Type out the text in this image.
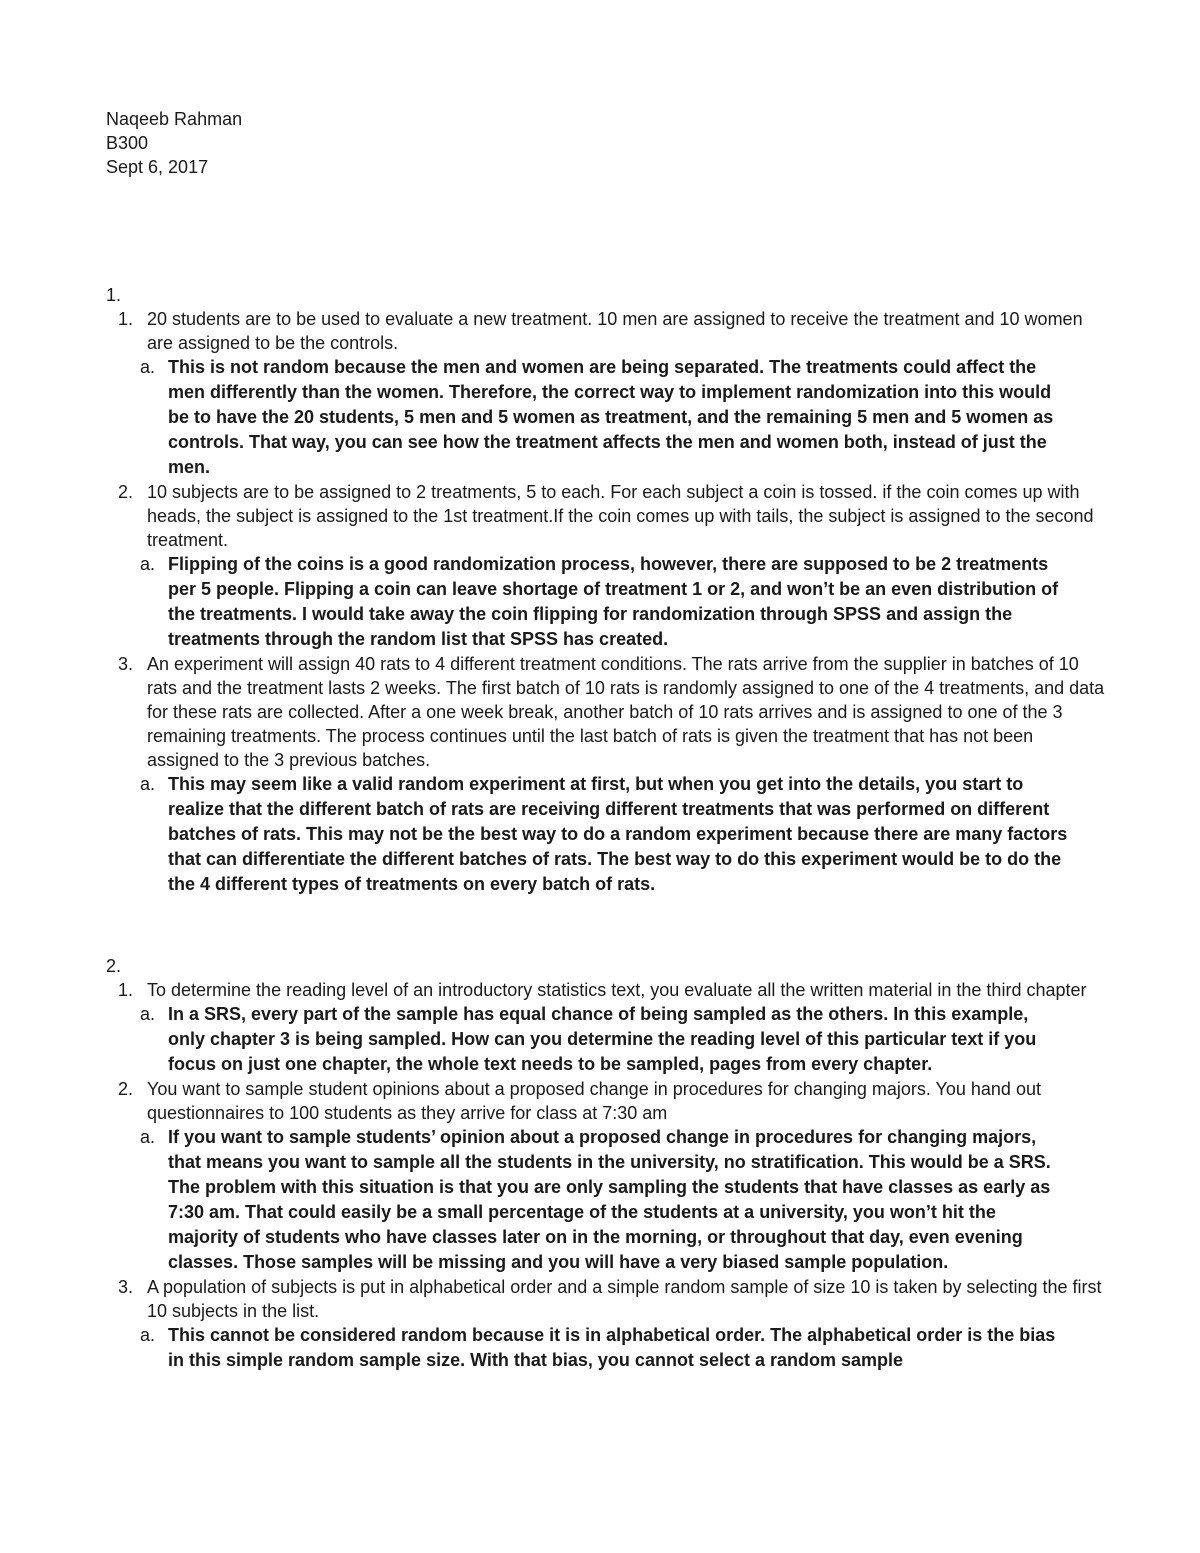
Naqeeb Rahman
B300
Sept 6, 2017
1.
1. 20 students are to be used to evaluate a new treatment. 10 men are assigned to receive the treatment and 10 women are assigned to be the controls.
a. This is not random because the men and women are being separated. The treatments could affect the men differently than the women. Therefore, the correct way to implement randomization into this would be to have the 20 students, 5 men and 5 women as treatment, and the remaining 5 men and 5 women as controls. That way, you can see how the treatment affects the men and women both, instead of just the men.
2. 10 subjects are to be assigned to 2 treatments, 5 to each. For each subject a coin is tossed. if the coin comes up with heads, the subject is assigned to the 1st treatment.If the coin comes up with tails, the subject is assigned to the second treatment.
a. Flipping of the coins is a good randomization process, however, there are supposed to be 2 treatments per 5 people. Flipping a coin can leave shortage of treatment 1 or 2, and won’t be an even distribution of the treatments. I would take away the coin flipping for randomization through SPSS and assign the treatments through the random list that SPSS has created.
3. An experiment will assign 40 rats to 4 different treatment conditions. The rats arrive from the supplier in batches of 10 rats and the treatment lasts 2 weeks. The first batch of 10 rats is randomly assigned to one of the 4 treatments, and data for these rats are collected. After a one week break, another batch of 10 rats arrives and is assigned to one of the 3 remaining treatments. The process continues until the last batch of rats is given the treatment that has not been assigned to the 3 previous batches.
a. This may seem like a valid random experiment at first, but when you get into the details, you start to realize that the different batch of rats are receiving different treatments that was performed on different batches of rats. This may not be the best way to do a random experiment because there are many factors that can differentiate the different batches of rats. The best way to do this experiment would be to do the the 4 different types of treatments on every batch of rats.
2.
1. To determine the reading level of an introductory statistics text, you evaluate all the written material in the third chapter
a. In a SRS, every part of the sample has equal chance of being sampled as the others. In this example, only chapter 3 is being sampled. How can you determine the reading level of this particular text if you focus on just one chapter, the whole text needs to be sampled, pages from every chapter.
2. You want to sample student opinions about a proposed change in procedures for changing majors. You hand out questionnaires to 100 students as they arrive for class at 7:30 am
a. If you want to sample students’ opinion about a proposed change in procedures for changing majors, that means you want to sample all the students in the university, no stratification. This would be a SRS. The problem with this situation is that you are only sampling the students that have classes as early as 7:30 am. That could easily be a small percentage of the students at a university, you won’t hit the majority of students who have classes later on in the morning, or throughout that day, even evening classes. Those samples will be missing and you will have a very biased sample population.
3. A population of subjects is put in alphabetical order and a simple random sample of size 10 is taken by selecting the first 10 subjects in the list.
a. This cannot be considered random because it is in alphabetical order. The alphabetical order is the bias in this simple random sample size. With that bias, you cannot select a random sample
